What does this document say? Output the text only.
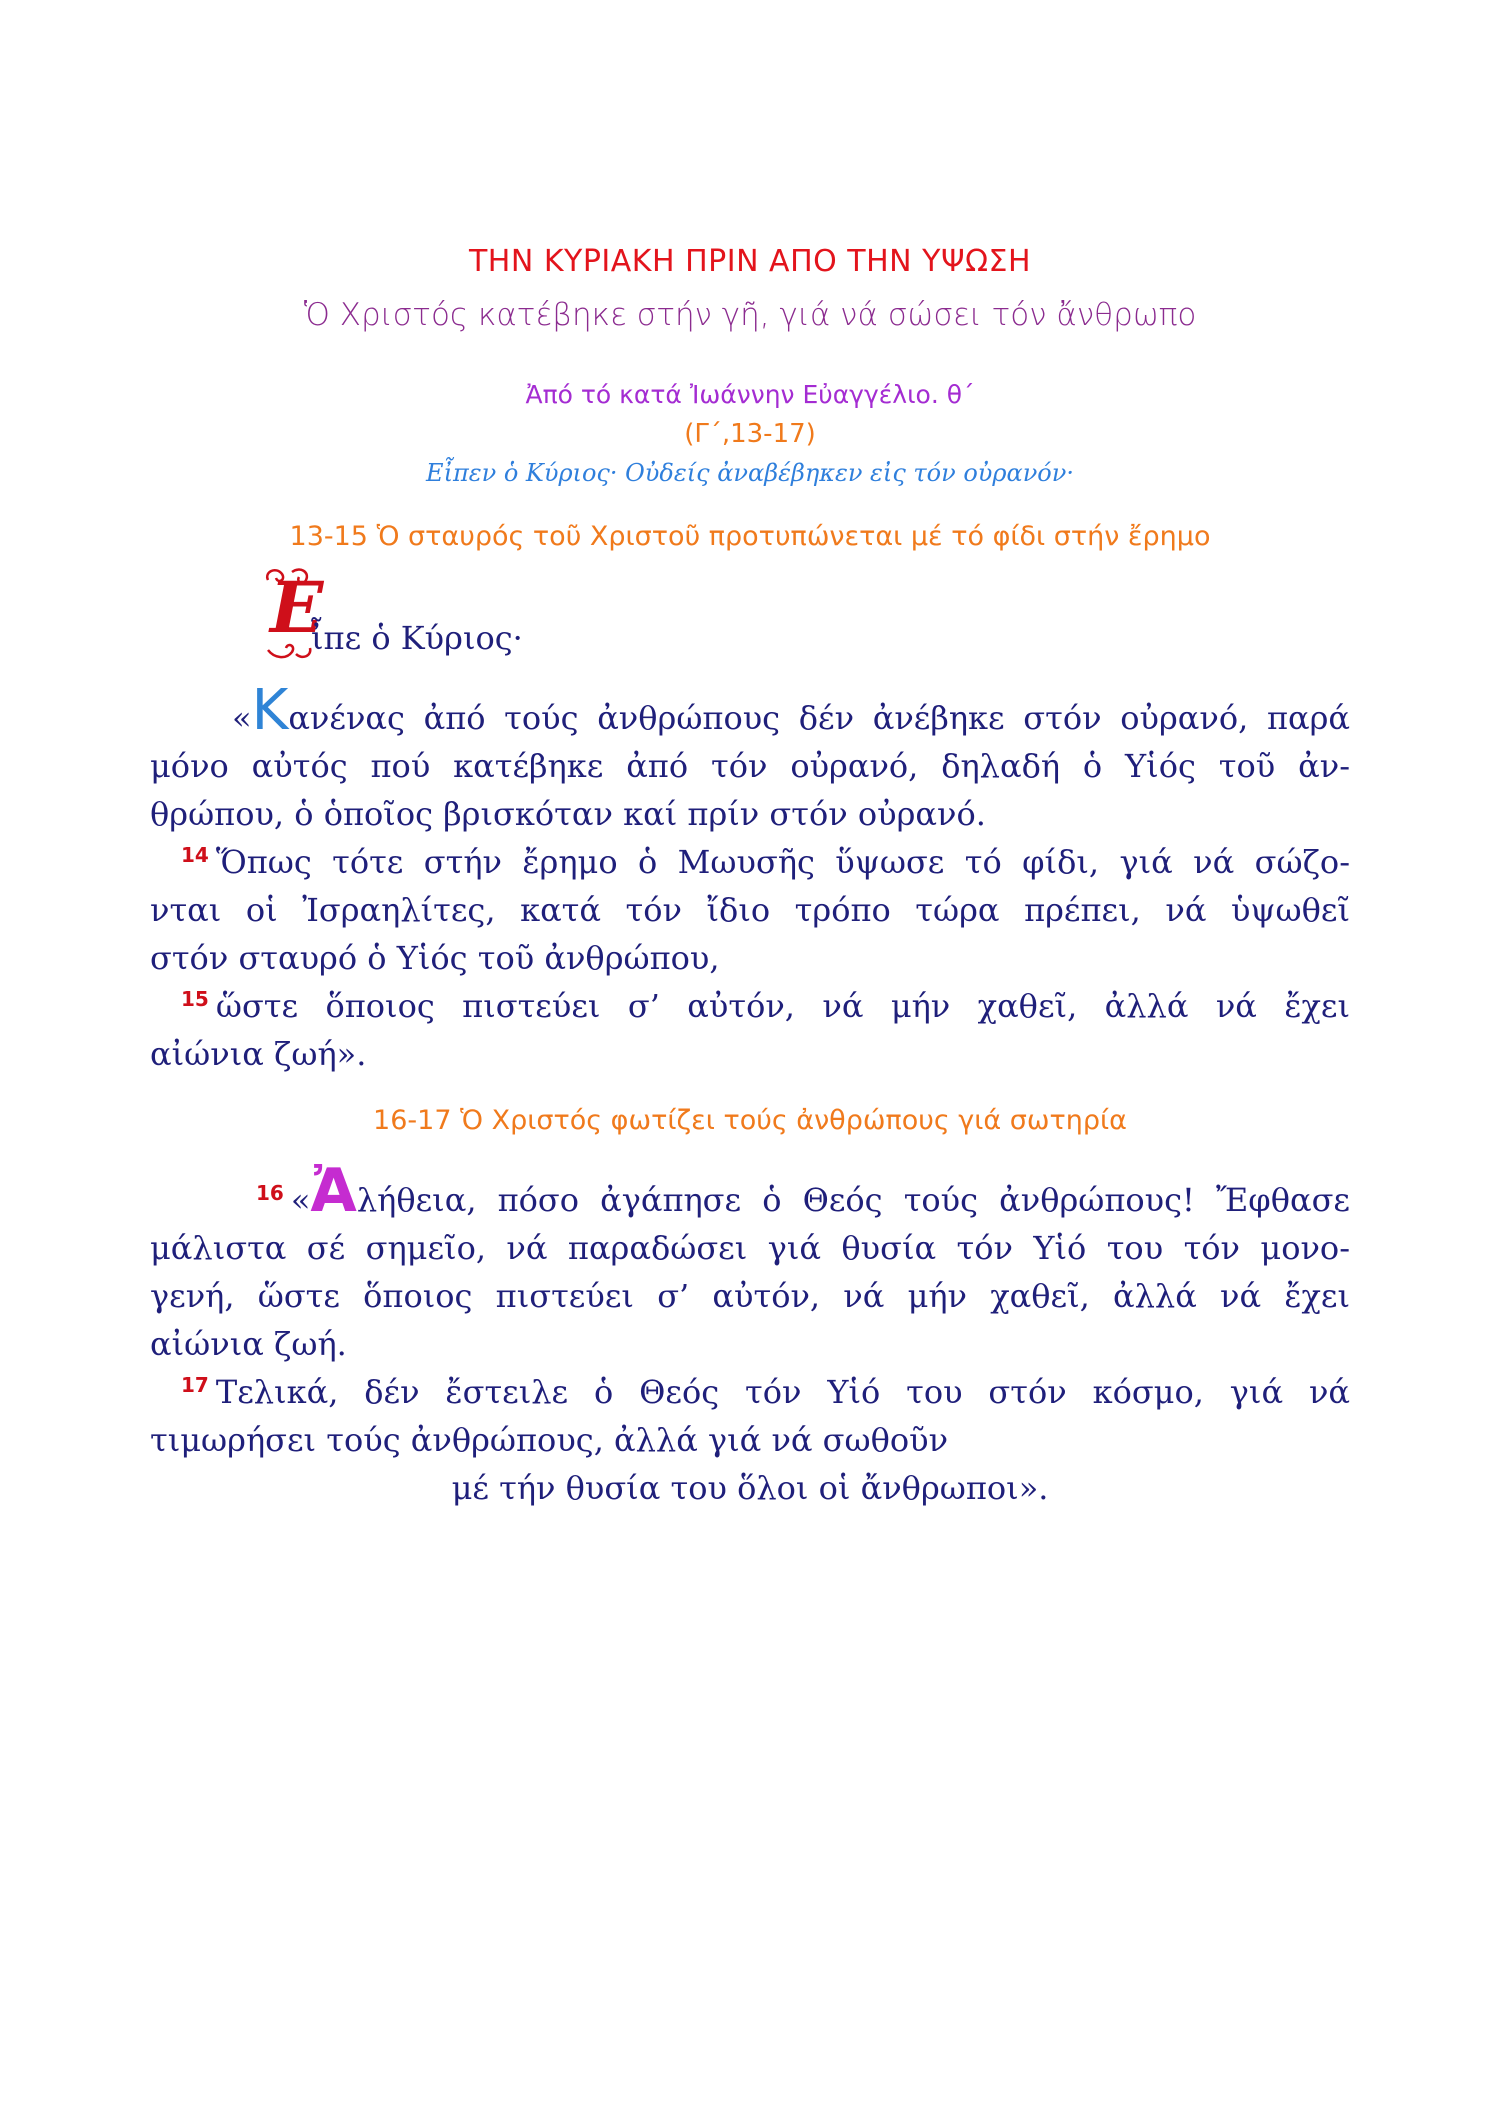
ΤΗΝ ΚΥΡΙΑΚΗ ΠΡΙΝ ΑΠΟ ΤΗΝ ΥΨΩΣΗ
Ὁ Χριστός κατέβηκε στήν γῆ, γιά νά σώσει τόν ἄνθρωπο
Ἀπό τό κατά Ἰωάννην Εὐαγγέλιο. θ΄
(Γ΄,13-17)
Εἶπεν ὁ Κύριος· Οὐδείς ἀναβέβηκεν εἰς τόν οὐρανόν·
13-15 Ὁ σταυρός τοῦ Χριστοῦ προτυπώνεται μέ τό φίδι στήν ἔρημο
Ε
ἶπε ὁ Κύριος·
«Κανένας ἀπό τούς ἀνθρώπους δέν ἀνέβηκε στόν οὐρανό, παρά
μόνο αὐτός πού κατέβηκε ἀπό τόν οὐρανό, δηλαδή ὁ Υἱός τοῦ ἀν-
θρώπου, ὁ ὁποῖος βρισκόταν καί πρίν στόν οὐρανό.
$^{14}$ Ὅπως τότε στήν ἔρημο ὁ Μωυσῆς ὕψωσε τό φίδι, γιά νά σώζο-
νται οἱ Ἰσραηλίτες, κατά τόν ἴδιο τρόπο τώρα πρέπει, νά ὑψωθεῖ
στόν σταυρό ὁ Υἱός τοῦ ἀνθρώπου,
$^{15}$ ὥστε ὅποιος πιστεύει σ’ αὐτόν, νά μήν χαθεῖ, ἀλλά νά ἔχει
αἰώνια ζωή».
16-17 Ὁ Χριστός φωτίζει τούς ἀνθρώπους γιά σωτηρία
$^{16}$ «Ἀλήθεια, πόσο ἀγάπησε ὁ Θεός τούς ἀνθρώπους! Ἔφθασε
μάλιστα σέ σημεῖο, νά παραδώσει γιά θυσία τόν Υἱό του τόν μονο-
γενή, ὥστε ὅποιος πιστεύει σ’ αὐτόν, νά μήν χαθεῖ, ἀλλά νά ἔχει
αἰώνια ζωή.
$^{17}$ Τελικά, δέν ἔστειλε ὁ Θεός τόν Υἱό του στόν κόσμο, γιά νά
τιμωρήσει τούς ἀνθρώπους, ἀλλά γιά νά σωθοῦν
μέ τήν θυσία του ὅλοι οἱ ἄνθρωποι».
